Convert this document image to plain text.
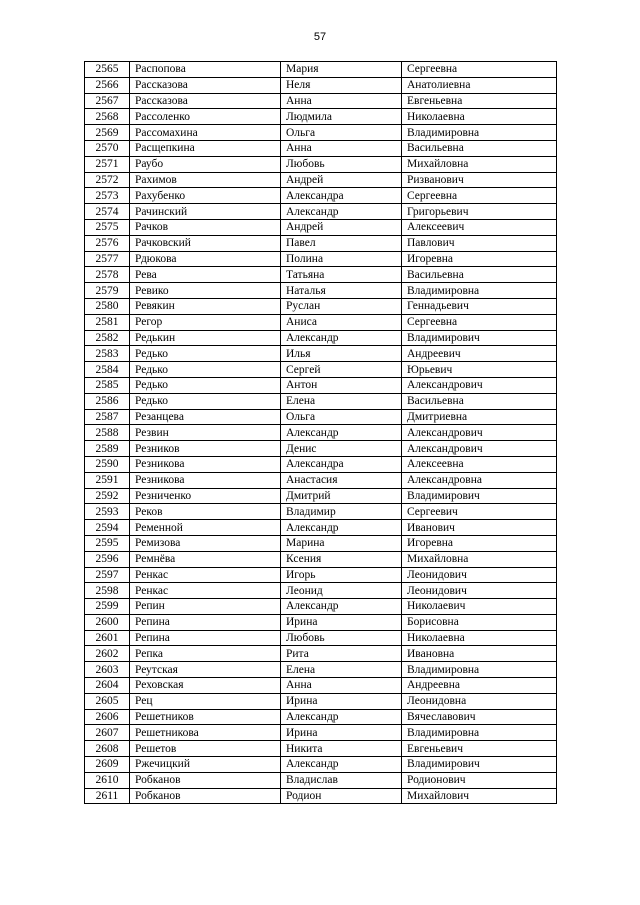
57
2565	Распопова	Мария	Сергеевна
2566	Рассказова	Неля	Анатолиевна
2567	Рассказова	Анна	Евгеньевна
2568	Рассоленко	Людмила	Николаевна
2569	Рассомахина	Ольга	Владимировна
2570	Расщепкина	Анна	Васильевна
2571	Раубо	Любовь	Михайловна
2572	Рахимов	Андрей	Ризванович
2573	Рахубенко	Александра	Сергеевна
2574	Рачинский	Александр	Григорьевич
2575	Рачков	Андрей	Алексеевич
2576	Рачковский	Павел	Павлович
2577	Рдюкова	Полина	Игоревна
2578	Рева	Татьяна	Васильевна
2579	Ревико	Наталья	Владимировна
2580	Ревякин	Руслан	Геннадьевич
2581	Регор	Аниса	Сергеевна
2582	Редькин	Александр	Владимирович
2583	Редько	Илья	Андреевич
2584	Редько	Сергей	Юрьевич
2585	Редько	Антон	Александрович
2586	Редько	Елена	Васильевна
2587	Резанцева	Ольга	Дмитриевна
2588	Резвин	Александр	Александрович
2589	Резников	Денис	Александрович
2590	Резникова	Александра	Алексеевна
2591	Резникова	Анастасия	Александровна
2592	Резниченко	Дмитрий	Владимирович
2593	Реков	Владимир	Сергеевич
2594	Ременной	Александр	Иванович
2595	Ремизова	Марина	Игоревна
2596	Ремнёва	Ксения	Михайловна
2597	Ренкас	Игорь	Леонидович
2598	Ренкас	Леонид	Леонидович
2599	Репин	Александр	Николаевич
2600	Репина	Ирина	Борисовна
2601	Репина	Любовь	Николаевна
2602	Репка	Рита	Ивановна
2603	Реутская	Елена	Владимировна
2604	Реховская	Анна	Андреевна
2605	Рец	Ирина	Леонидовна
2606	Решетников	Александр	Вячеславович
2607	Решетникова	Ирина	Владимировна
2608	Решетов	Никита	Евгеньевич
2609	Ржечицкий	Александр	Владимирович
2610	Робканов	Владислав	Родионович
2611	Робканов	Родион	Михайлович
